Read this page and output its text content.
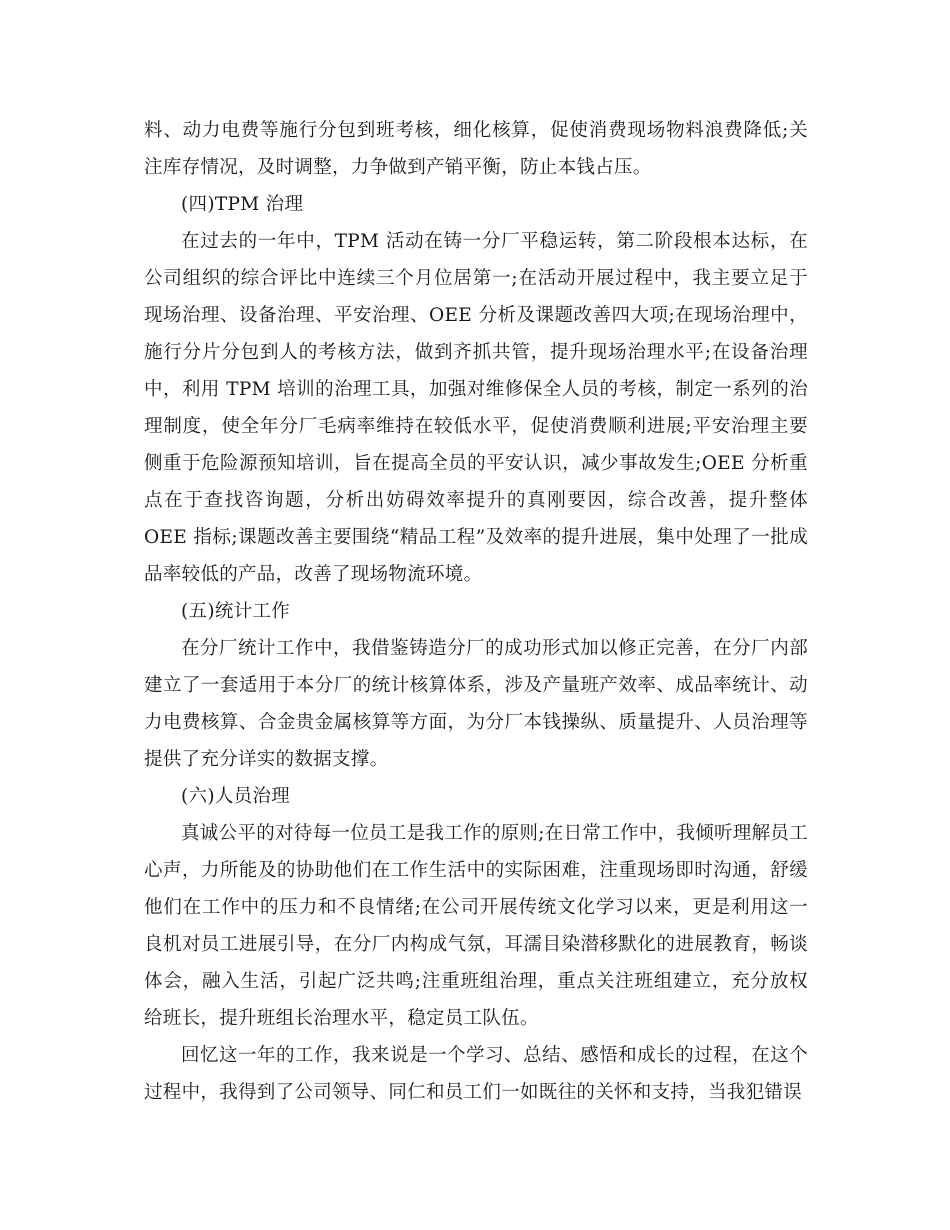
料、动力电费等施行分包到班考核，细化核算，促使消费现场物料浪费降低;关注库存情况，及时调整，力争做到产销平衡，防止本钱占压。

(四)TPM 治理

在过去的一年中，TPM 活动在铸一分厂平稳运转，第二阶段根本达标，在公司组织的综合评比中连续三个月位居第一;在活动开展过程中，我主要立足于现场治理、设备治理、平安治理、OEE 分析及课题改善四大项;在现场治理中，施行分片分包到人的考核方法，做到齐抓共管，提升现场治理水平;在设备治理中，利用 TPM 培训的治理工具，加强对维修保全人员的考核，制定一系列的治理制度，使全年分厂毛病率维持在较低水平，促使消费顺利进展;平安治理主要侧重于危险源预知培训，旨在提高全员的平安认识，减少事故发生;OEE 分析重点在于查找咨询题，分析出妨碍效率提升的真刚要因，综合改善，提升整体 OEE 指标;课题改善主要围绕“精品工程”及效率的提升进展，集中处理了一批成品率较低的产品，改善了现场物流环境。

(五)统计工作

在分厂统计工作中，我借鉴铸造分厂的成功形式加以修正完善，在分厂内部建立了一套适用于本分厂的统计核算体系，涉及产量班产效率、成品率统计、动力电费核算、合金贵金属核算等方面，为分厂本钱操纵、质量提升、人员治理等提供了充分详实的数据支撑。

(六)人员治理

真诚公平的对待每一位员工是我工作的原则;在日常工作中，我倾听理解员工心声，力所能及的协助他们在工作生活中的实际困难，注重现场即时沟通，舒缓他们在工作中的压力和不良情绪;在公司开展传统文化学习以来，更是利用这一良机对员工进展引导，在分厂内构成气氛，耳濡目染潜移默化的进展教育，畅谈体会，融入生活，引起广泛共鸣;注重班组治理，重点关注班组建立，充分放权给班长，提升班组长治理水平，稳定员工队伍。

回忆这一年的工作，我来说是一个学习、总结、感悟和成长的过程，在这个过程中，我得到了公司领导、同仁和员工们一如既往的关怀和支持，当我犯错误
